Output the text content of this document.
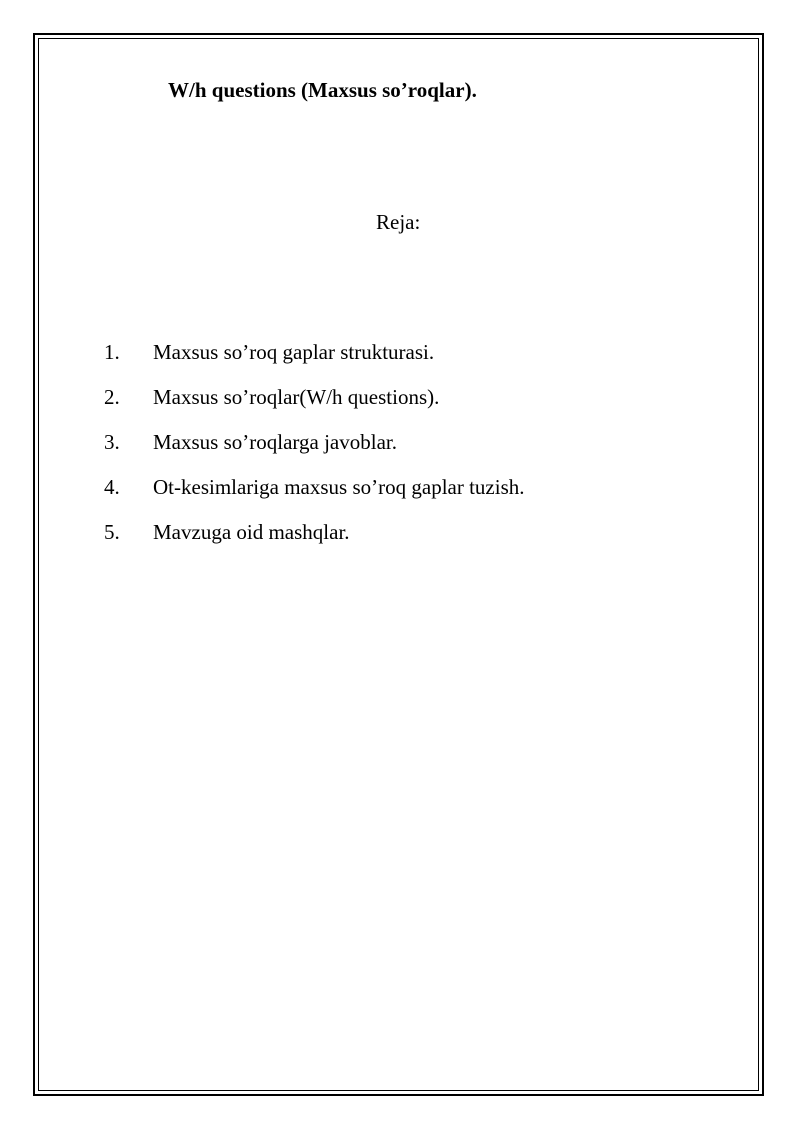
W/h questions (Maxsus so’roqlar).
Reja:
1.	Maxsus so’roq gaplar strukturasi.
2.	Maxsus so’roqlar(W/h questions).
3.	Maxsus so’roqlarga javoblar.
4.	Ot-kesimlariga maxsus so’roq gaplar tuzish.
5.	Mavzuga oid mashqlar.
